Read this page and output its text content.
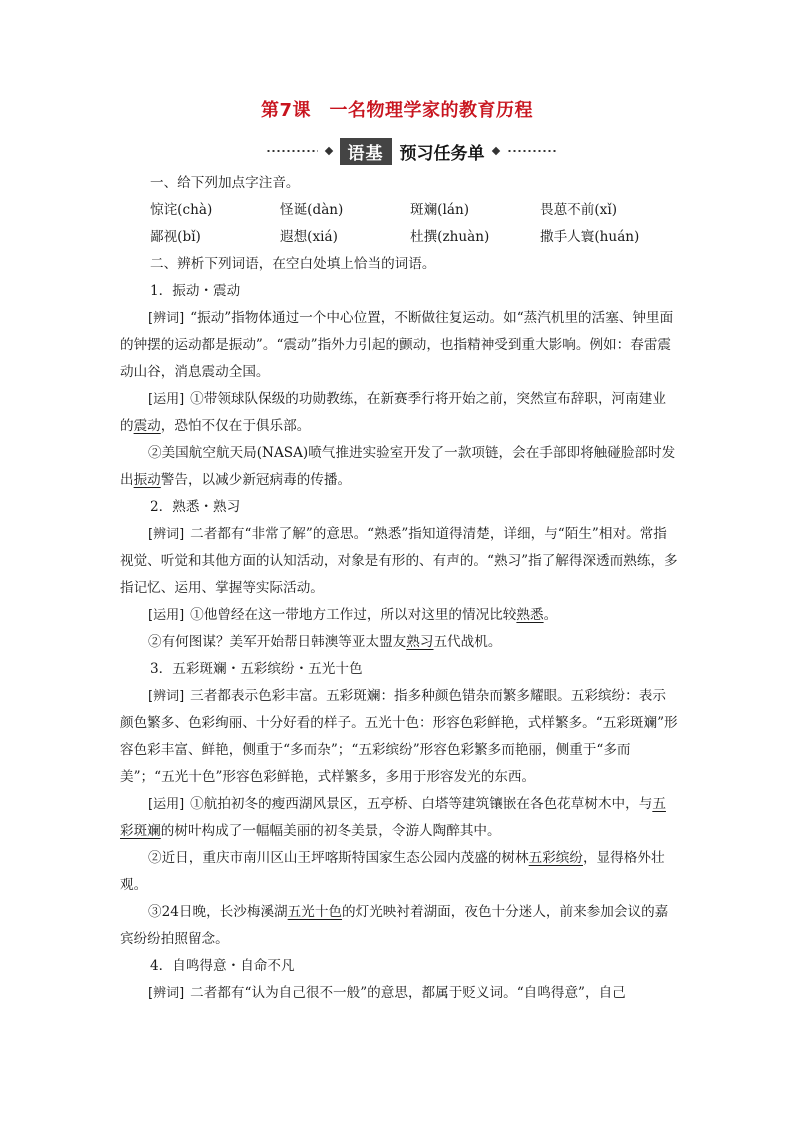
第7课　一名物理学家的教育历程
语基 预习任务单

一、给下列加点字注音。

惊诧(chà)	怪诞(dàn)	斑斓(lán)	畏葸不前(xǐ)
鄙视(bǐ)	遐想(xiá)	杜撰(zhuàn)	撒手人寰(huán)

二、辨析下列词语，在空白处填上恰当的词语。

1．振动・震动

[辨词] “振动”指物体通过一个中心位置，不断做往复运动。如“蒸汽机里的活塞、钟里面的钟摆的运动都是振动”。“震动”指外力引起的颤动，也指精神受到重大影响。例如：春雷震动山谷，消息震动全国。

[运用] ①带领球队保级的功勋教练，在新赛季行将开始之前，突然宣布辞职，河南建业的震动，恐怕不仅在于俱乐部。

②美国航空航天局(NASA)喷气推进实验室开发了一款项链，会在手部即将触碰脸部时发出振动警告，以减少新冠病毒的传播。

2．熟悉・熟习

[辨词] 二者都有“非常了解”的意思。“熟悉”指知道得清楚，详细，与“陌生”相对。常指视觉、听觉和其他方面的认知活动，对象是有形的、有声的。“熟习”指了解得深透而熟练，多指记忆、运用、掌握等实际活动。

[运用] ①他曾经在这一带地方工作过，所以对这里的情况比较熟悉。

②有何图谋？美军开始帮日韩澳等亚太盟友熟习五代战机。

3．五彩斑斓・五彩缤纷・五光十色

[辨词] 三者都表示色彩丰富。五彩斑斓：指多种颜色错杂而繁多耀眼。五彩缤纷：表示颜色繁多、色彩绚丽、十分好看的样子。五光十色：形容色彩鲜艳，式样繁多。“五彩斑斓”形容色彩丰富、鲜艳，侧重于“多而杂”；“五彩缤纷”形容色彩繁多而艳丽，侧重于“多而美”；“五光十色”形容色彩鲜艳，式样繁多，多用于形容发光的东西。

[运用] ①航拍初冬的瘦西湖风景区，五亭桥、白塔等建筑镶嵌在各色花草树木中，与五彩斑斓的树叶构成了一幅幅美丽的初冬美景，令游人陶醉其中。

②近日，重庆市南川区山王坪喀斯特国家生态公园内茂盛的树林五彩缤纷，显得格外壮观。

③24日晚，长沙梅溪湖五光十色的灯光映衬着湖面，夜色十分迷人，前来参加会议的嘉宾纷纷拍照留念。

4．自鸣得意・自命不凡

[辨词] 二者都有“认为自己很不一般”的意思，都属于贬义词。“自鸣得意”，自己
